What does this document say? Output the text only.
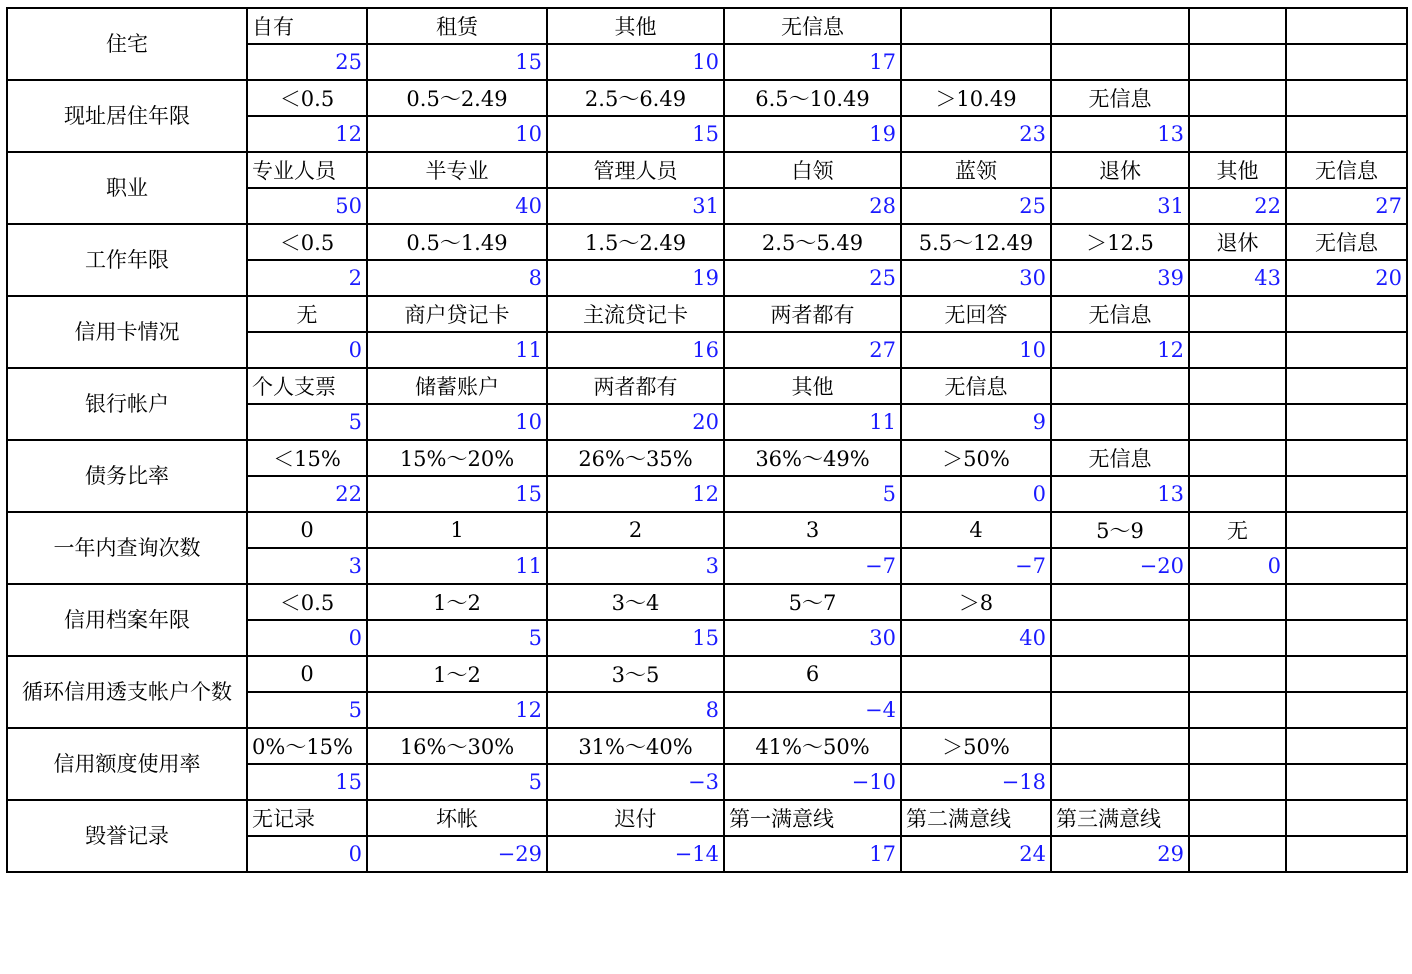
住宅	自有	租赁	其他	无信息				
	25	15	10	17				
现址居住年限	＜0.5	0.5～2.49	2.5～6.49	6.5～10.49	＞10.49	无信息		
	12	10	15	19	23	13		
职业	专业人员	半专业	管理人员	白领	蓝领	退休	其他	无信息
	50	40	31	28	25	31	22	27
工作年限	＜0.5	0.5～1.49	1.5～2.49	2.5～5.49	5.5～12.49	＞12.5	退休	无信息
	2	8	19	25	30	39	43	20
信用卡情况	无	商户贷记卡	主流贷记卡	两者都有	无回答	无信息		
	0	11	16	27	10	12		
银行帐户	个人支票	储蓄账户	两者都有	其他	无信息			
	5	10	20	11	9			
债务比率	＜15%	15%～20%	26%～35%	36%～49%	＞50%	无信息		
	22	15	12	5	0	13		
一年内查询次数	0	1	2	3	4	5～9	无	
	3	11	3	−7	−7	−20	0	
信用档案年限	＜0.5	1～2	3～4	5～7	＞8			
	0	5	15	30	40			
循环信用透支帐户个数	0	1～2	3～5	6				
	5	12	8	−4				
信用额度使用率	0%～15%	16%～30%	31%～40%	41%～50%	＞50%			
	15	5	−3	−10	−18			
毁誉记录	无记录	坏帐	迟付	第一满意线	第二满意线	第三满意线		
	0	−29	−14	17	24	29		
